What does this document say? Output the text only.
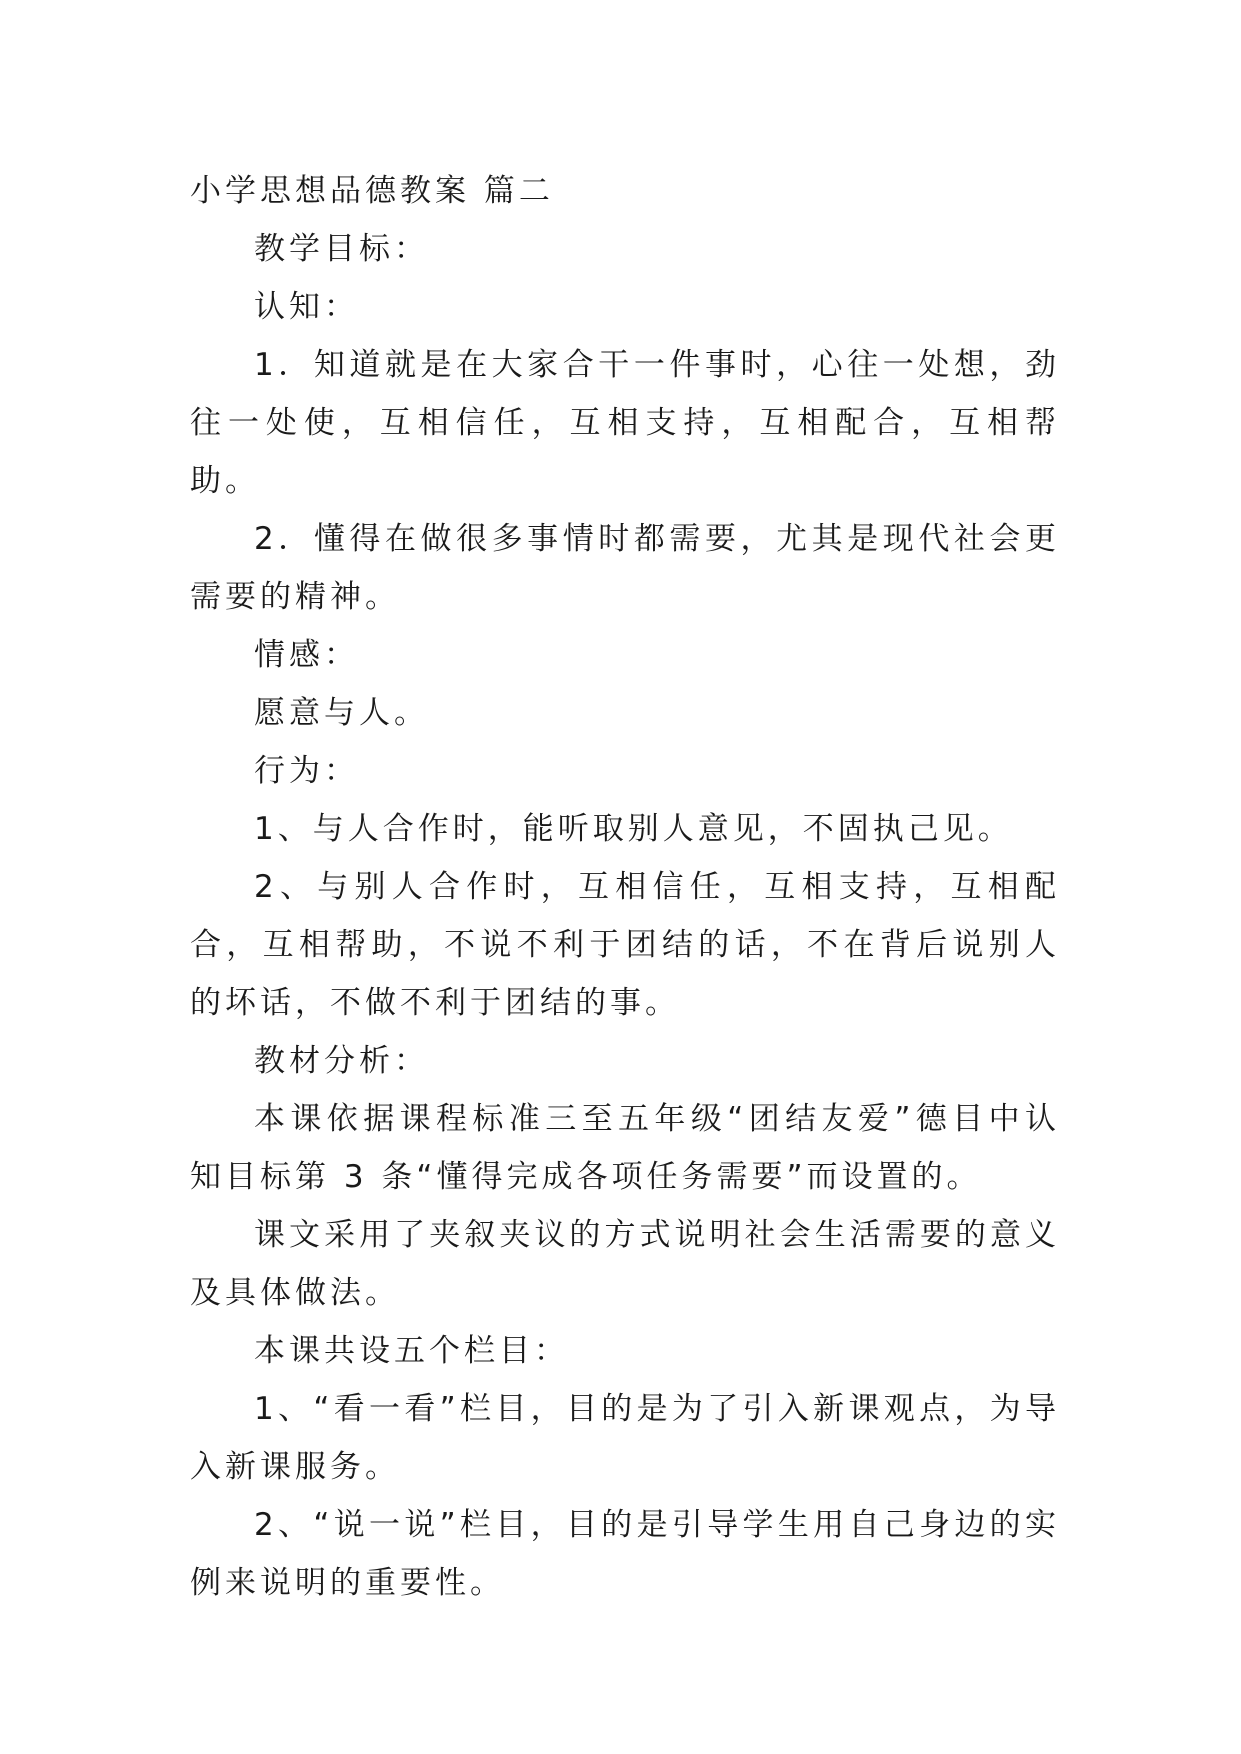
小学思想品德教案 篇二

教学目标：

认知：

1．知道就是在大家合干一件事时，心往一处想，劲往一处使，互相信任，互相支持，互相配合，互相帮助。

2．懂得在做很多事情时都需要，尤其是现代社会更需要的精神。

情感：

愿意与人。

行为：

1、与人合作时，能听取别人意见，不固执己见。

2、与别人合作时，互相信任，互相支持，互相配合，互相帮助，不说不利于团结的话，不在背后说别人的坏话，不做不利于团结的事。

教材分析：

本课依据课程标准三至五年级“团结友爱”德目中认知目标第 3 条“懂得完成各项任务需要”而设置的。

课文采用了夹叙夹议的方式说明社会生活需要的意义及具体做法。

本课共设五个栏目：

1、“看一看”栏目，目的是为了引入新课观点，为导入新课服务。

2、“说一说”栏目，目的是引导学生用自己身边的实例来说明的重要性。
